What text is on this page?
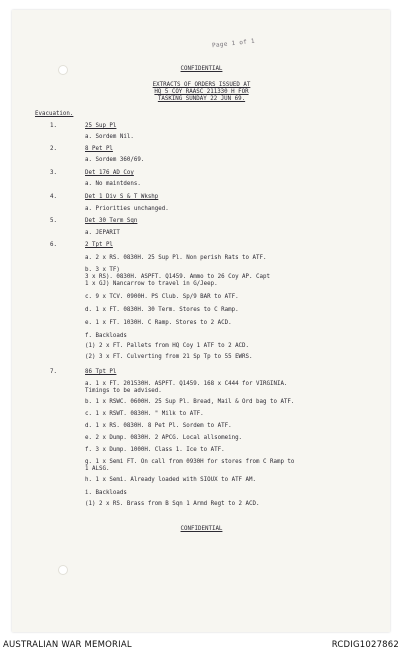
Page 1 of 1
CONFIDENTIAL
EXTRACTS OF ORDERS ISSUED AT
HQ 5 COY RAASC 211330 H FOR
TASKING SUNDAY 22 JUN 69.
Evacuation.
1.	25 Sup Pl
a. Sordem Nil.
2.	8 Pet Pl
a. Sordem 360/69.
3.	Det 176 AD Coy
a. No maintdens.
4.	Det 1 Div S & T Wkshp
a. Priorities unchanged.
5.	Det 30 Term Sqn
a. JEPARIT
6.	2 Tpt Pl
a. 2 x RS. 0830H. 25 Sup Pl. Non perish Rats to ATF.
b. 3 x TF)
3 x RS). 0830H. ASPFT. Q1459. Ammo to 26 Coy AP. Capt
1 x GJ) Nancarrow to travel in G/Jeep.
c. 9 x TCV. 0900H. PS Club. Sp/9 BAR to ATF.
d. 1 x FT. 0830H. 30 Term. Stores to C Ramp.
e. 1 x FT. 1030H. C Ramp. Stores to 2 ACD.
f. Backloads
(1) 2 x FT. Pallets from HQ Coy 1 ATF to 2 ACD.
(2) 3 x FT. Culverting from 21 Sp Tp to 55 EWRS.
7.	86 Tpt Pl
a. 1 x FT. 201530H. ASPFT. Q1459. 168 x C444 for VIRGINIA.
Timings to be advised.
b. 1 x RSWC. 0600H. 25 Sup Pl. Bread, Mail & Ord bag to ATF.
c. 1 x RSWT. 0830H. " Milk to ATF.
d. 1 x RS. 0830H. 8 Pet Pl. Sordem to ATF.
e. 2 x Dump. 0830H. 2 APCG. Local allsomeing.
f. 3 x Dump. 1000H. Class 1. Ice to ATF.
g. 1 x Semi FT. On call from 0930H for stores from C Ramp to
1 ALSG.
h. 1 x Semi. Already loaded with SIOUX to ATF AM.
i. Backloads
(1) 2 x RS. Brass from B Sqn 1 Armd Regt to 2 ACD.
CONFIDENTIAL
AUSTRALIAN WAR MEMORIAL	RCDIG1027862
